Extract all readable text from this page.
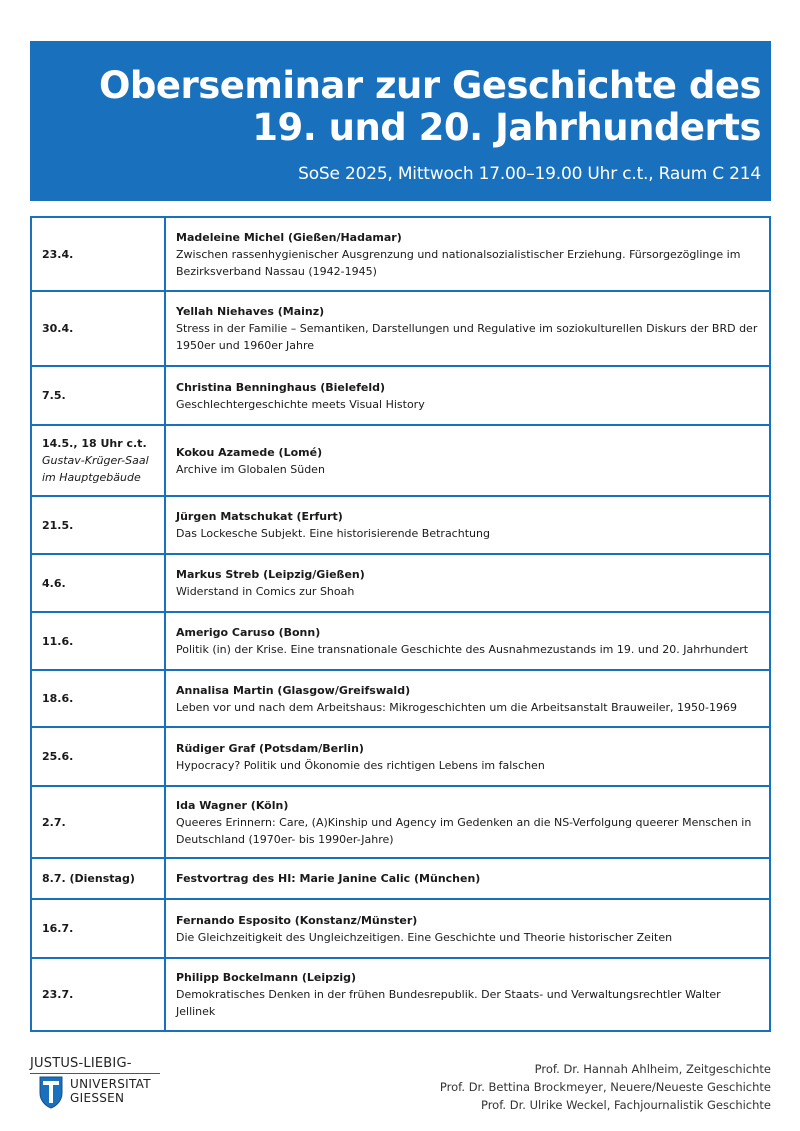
Oberseminar zur Geschichte des
19. und 20. Jahrhunderts
SoSe 2025, Mittwoch 17.00–19.00 Uhr c.t., Raum C 214
23.4.	Madeleine Michel (Gießen/Hadamar)
Zwischen rassenhygienischer Ausgrenzung und nationalsozialistischer Erziehung. Fürsorgezöglinge im Bezirksverband Nassau (1942-1945)

30.4.	Yellah Niehaves (Mainz)
Stress in der Familie – Semantiken, Darstellungen und Regulative im soziokulturellen Diskurs der BRD der 1950er und 1960er Jahre

7.5.	Christina Benninghaus (Bielefeld)
Geschlechtergeschichte meets Visual History

14.5., 18 Uhr c.t.
Gustav-Krüger-Saal im Hauptgebäude	Kokou Azamede (Lomé)
Archive im Globalen Süden

21.5.	Jürgen Matschukat (Erfurt)
Das Lockesche Subjekt. Eine historisierende Betrachtung

4.6.	Markus Streb (Leipzig/Gießen)
Widerstand in Comics zur Shoah

11.6.	Amerigo Caruso (Bonn)
Politik (in) der Krise. Eine transnationale Geschichte des Ausnahmezustands im 19. und 20. Jahrhundert

18.6.	Annalisa Martin (Glasgow/Greifswald)
Leben vor und nach dem Arbeitshaus: Mikrogeschichten um die Arbeitsanstalt Brauweiler, 1950-1969

25.6.	Rüdiger Graf (Potsdam/Berlin)
Hypocracy? Politik und Ökonomie des richtigen Lebens im falschen

2.7.	Ida Wagner (Köln)
Queeres Erinnern: Care, (A)Kinship und Agency im Gedenken an die NS-Verfolgung queerer Menschen in Deutschland (1970er- bis 1990er-Jahre)

8.7. (Dienstag)	Festvortrag des HI: Marie Janine Calic (München)

16.7.	Fernando Esposito (Konstanz/Münster)
Die Gleichzeitigkeit des Ungleichzeitigen. Eine Geschichte und Theorie historischer Zeiten

23.7.	Philipp Bockelmann (Leipzig)
Demokratisches Denken in der frühen Bundesrepublik. Der Staats- und Verwaltungsrechtler Walter Jellinek
JUSTUS-LIEBIG-
UNIVERSITAT
GIESSEN
Prof. Dr. Hannah Ahlheim, Zeitgeschichte
Prof. Dr. Bettina Brockmeyer, Neuere/Neueste Geschichte
Prof. Dr. Ulrike Weckel, Fachjournalistik Geschichte
